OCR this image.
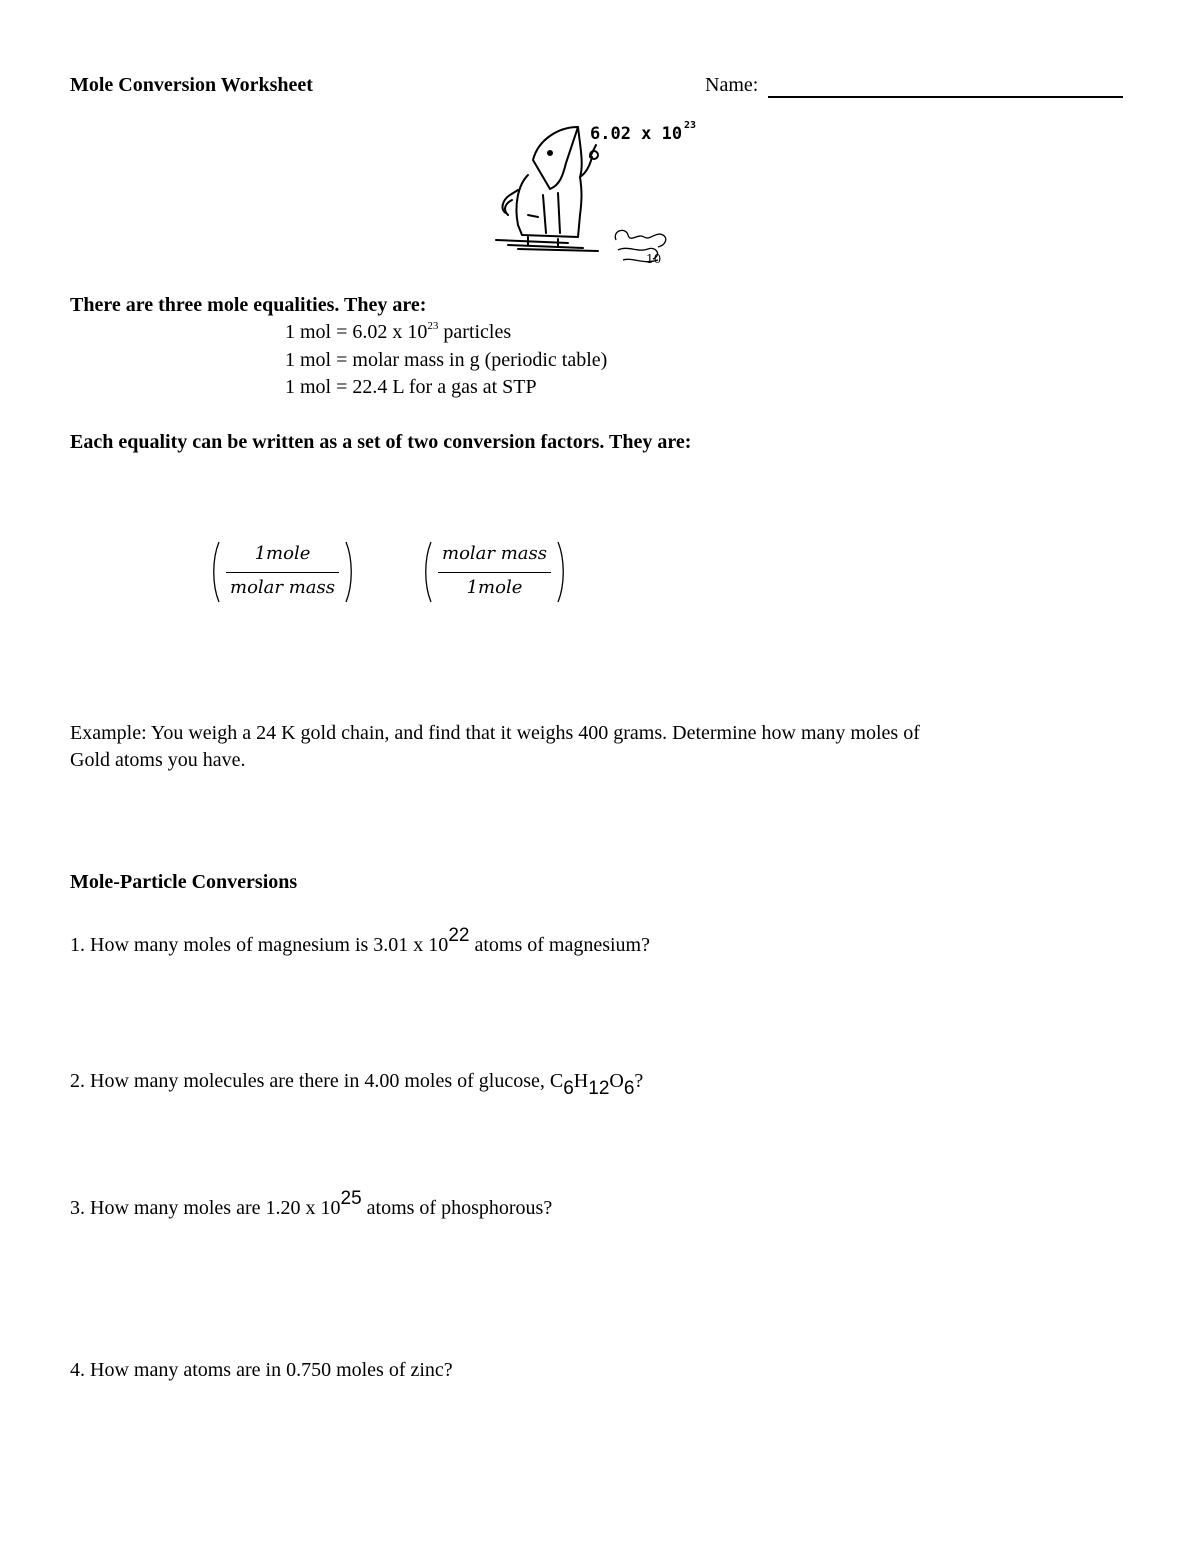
Mole Conversion Worksheet	Name:
6.02 x 10 23
10
There are three mole equalities. They are:
1 mol = 6.02 x $10^{23}$ particles
1 mol = molar mass in g (periodic table)
1 mol = 22.4 L for a gas at STP
Each equality can be written as a set of two conversion factors. They are:
1mole
molar mass
molar mass
1mole
Example: You weigh a 24 K gold chain, and find that it weighs 400 grams. Determine how many moles of
Gold atoms you have.
Mole-Particle Conversions
1. How many moles of magnesium is 3.01 x $10^{22}$ atoms of magnesium?
2. How many molecules are there in 4.00 moles of glucose, $C_6H_{12}O_6$?
3. How many moles are 1.20 x $10^{25}$ atoms of phosphorous?
4. How many atoms are in 0.750 moles of zinc?
